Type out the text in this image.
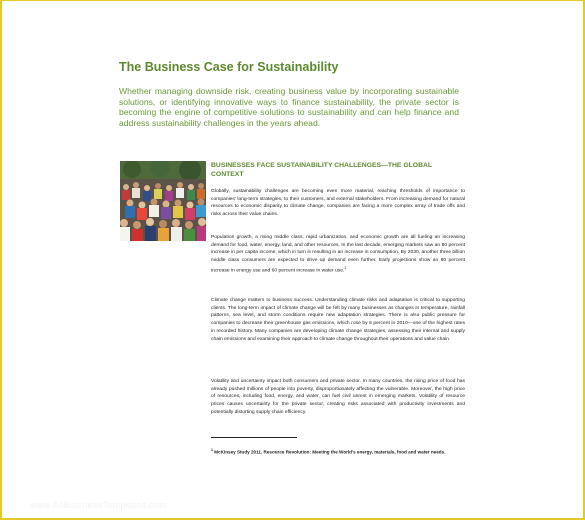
The Business Case for Sustainability
Whether managing downside risk, creating business value by incorporating sustainable solutions, or identifying innovative ways to finance sustainability, the private sector is becoming the engine of competitive solutions to sustainability and can help finance and address sustainability challenges in the years ahead.
BUSINESSES FACE SUSTAINABILITY CHALLENGES—THE GLOBAL CONTEXT

Globally, sustainability challenges are becoming even more material, reaching thresholds of importance to companies' long-term strategies, to their customers, and external stakeholders. From increasing demand for natural resources to economic disparity to climate change, companies are facing a more complex array of trade offs and risks across their value chains.

Population growth, a rising middle class, rapid urbanization, and economic growth are all fueling an increasing demand for food, water, energy, land, and other resources. In the last decade, emerging markets saw an 80 percent increase in per capita income, which in turn is resulting in an increase in consumption. By 2030, another three billion middle class consumers are expected to drive up demand even further. Early projections show an 80 percent increase in energy use and 60 percent increase in water use.$^1$

Climate change matters to business success. Understanding climate risks and adaptation is critical to supporting clients. The long-term impact of climate change will be felt by many businesses as changes in temperature, rainfall patterns, sea level, and storm conditions require new adaptation strategies. There is also public pressure for companies to decrease their greenhouse gas emissions, which rose by 6 percent in 2010—one of the highest rates in recorded history. Many companies are developing climate change strategies, assessing their internal and supply chain emissions and examining their approach to climate change throughout their operations and value chain.

Volatility and uncertainty impact both consumers and private sector. In many countries, the rising price of food has already pushed millions of people into poverty, disproportionately affecting the vulnerable. Moreover, the high price of resources, including food, energy, and water, can fuel civil unrest in emerging markets. Volatility of resource prices causes uncertainty for the private sector, creating risks associated with productivity investments and potentially distorting supply chain efficiency.

$^1$ McKinsey Study 2011. Resource Revolution: Meeting the World's energy, materials, food and water needs.
www.AllBusinessTemplates.com
